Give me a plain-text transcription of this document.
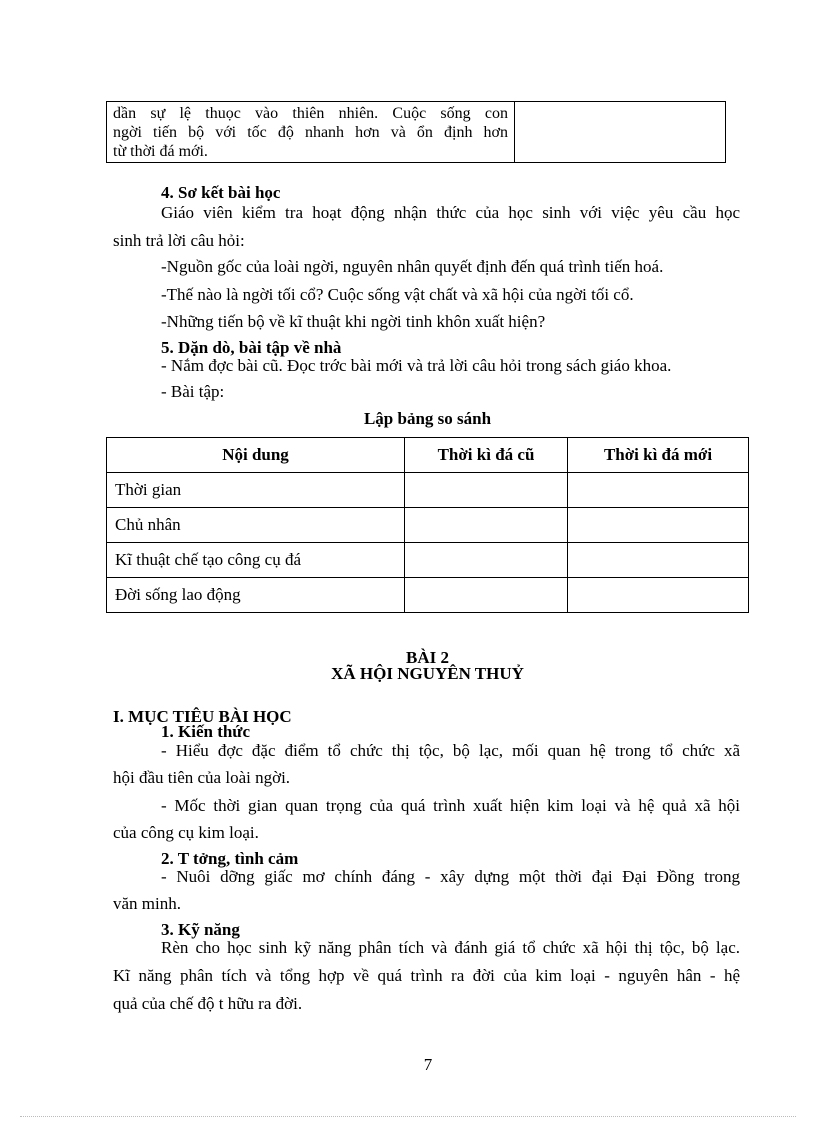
dần sự lệ thuọc vào thiên nhiên. Cuộc sống con
ngời tiến bộ với tốc độ nhanh hơn và ổn định hơn
từ thời đá mới.

4. Sơ kết bài học
Giáo viên kiểm tra hoạt động nhận thức của học sinh với việc yêu cầu học
sinh trả lời câu hỏi:
-Nguồn gốc của loài ngời, nguyên nhân quyết định đến quá trình tiến hoá.
-Thế nào là ngời tối cổ? Cuộc sống vật chất và xã hội của ngời tối cổ.
-Những tiến bộ về kĩ thuật khi ngời tinh khôn xuất hiện?
5. Dặn dò, bài tập về nhà
- Nắm đợc bài cũ. Đọc trớc bài mới và trả lời câu hỏi trong sách giáo khoa.
- Bài tập:
Lập bảng so sánh
Nội dung	Thời kì đá cũ	Thời kì đá mới
Thời gian		
Chủ nhân		
Kĩ thuật chế tạo công cụ đá		
Đời sống lao động		
BÀI 2
XÃ HỘI NGUYÊN THUỶ
I. MỤC TIÊU BÀI HỌC
1. Kiến thức
- Hiểu đợc đặc điểm tổ chức thị tộc, bộ lạc, mối quan hệ trong tổ chức xã
hội đầu tiên của loài ngời.
- Mốc thời gian quan trọng của quá trình xuất hiện kim loại và hệ quả xã hội
của công cụ kim loại.
2. T tởng, tình cảm
- Nuôi dỡng giấc mơ chính đáng - xây dựng một thời đại Đại Đồng trong
văn minh.
3. Kỹ năng
Rèn cho học sinh kỹ năng phân tích và đánh giá tổ chức xã hội thị tộc, bộ lạc.
Kĩ năng phân tích và tổng hợp về quá trình ra đời của kim loại - nguyên hân - hệ
quả của chế độ t hữu ra đời.
7
